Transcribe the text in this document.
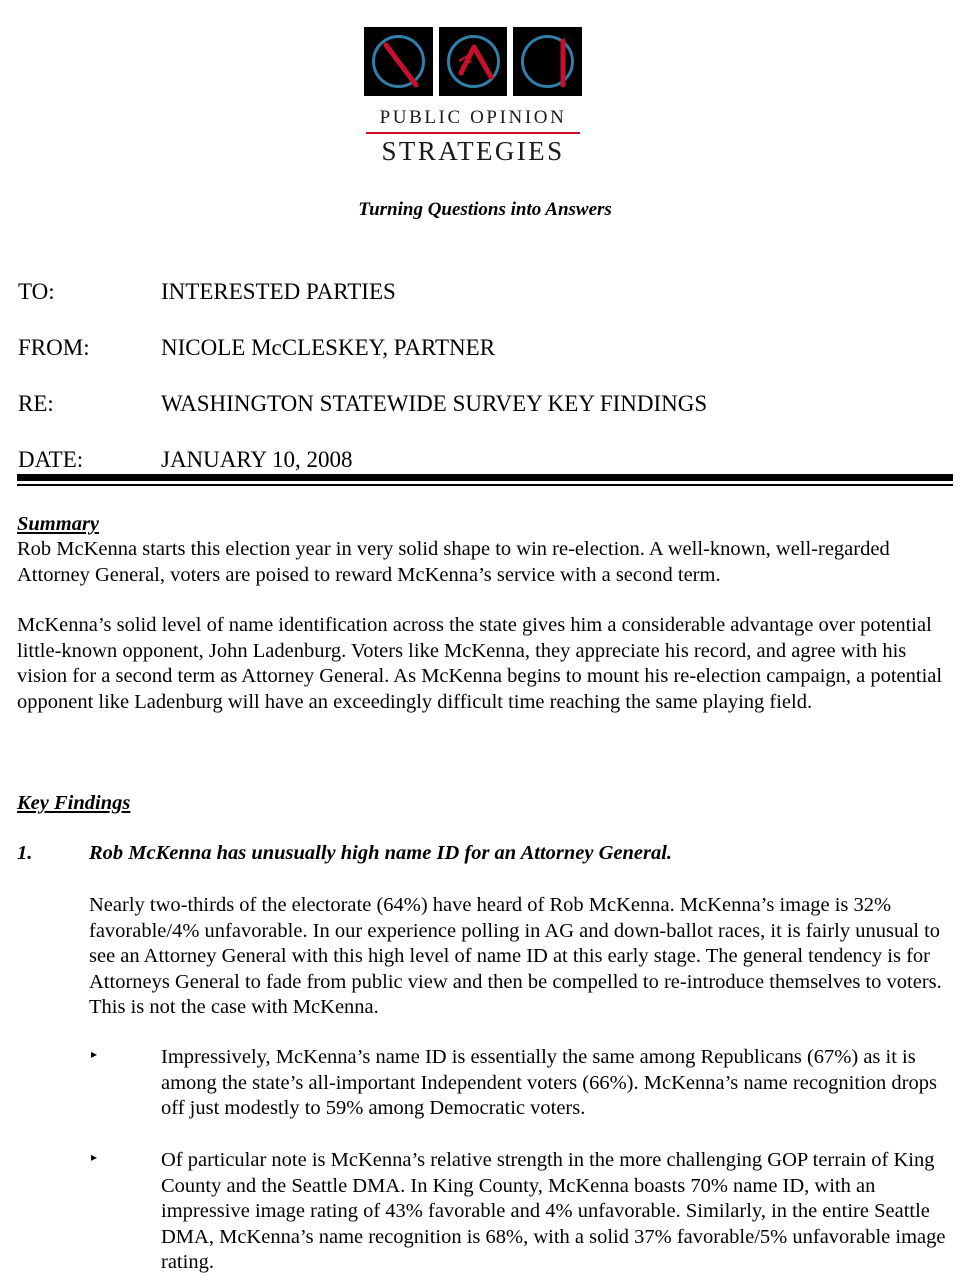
PUBLIC OPINION
STRATEGIES
Turning Questions into Answers
TO:	INTERESTED PARTIES
FROM:	NICOLE McCLESKEY, PARTNER
RE:	WASHINGTON STATEWIDE SURVEY KEY FINDINGS
DATE:	JANUARY 10, 2008
Summary
Rob McKenna starts this election year in very solid shape to win re-election. A well-known, well-regarded Attorney General, voters are poised to reward McKenna’s service with a second term.
McKenna’s solid level of name identification across the state gives him a considerable advantage over potential little-known opponent, John Ladenburg. Voters like McKenna, they appreciate his record, and agree with his vision for a second term as Attorney General. As McKenna begins to mount his re-election campaign, a potential opponent like Ladenburg will have an exceedingly difficult time reaching the same playing field.
Key Findings
1.	Rob McKenna has unusually high name ID for an Attorney General.
Nearly two-thirds of the electorate (64%) have heard of Rob McKenna. McKenna’s image is 32% favorable/4% unfavorable. In our experience polling in AG and down-ballot races, it is fairly unusual to see an Attorney General with this high level of name ID at this early stage. The general tendency is for Attorneys General to fade from public view and then be compelled to re-introduce themselves to voters. This is not the case with McKenna.
▸	Impressively, McKenna’s name ID is essentially the same among Republicans (67%) as it is among the state’s all-important Independent voters (66%). McKenna’s name recognition drops off just modestly to 59% among Democratic voters.
▸	Of particular note is McKenna’s relative strength in the more challenging GOP terrain of King County and the Seattle DMA. In King County, McKenna boasts 70% name ID, with an impressive image rating of 43% favorable and 4% unfavorable. Similarly, in the entire Seattle DMA, McKenna’s name recognition is 68%, with a solid 37% favorable/5% unfavorable image rating.
